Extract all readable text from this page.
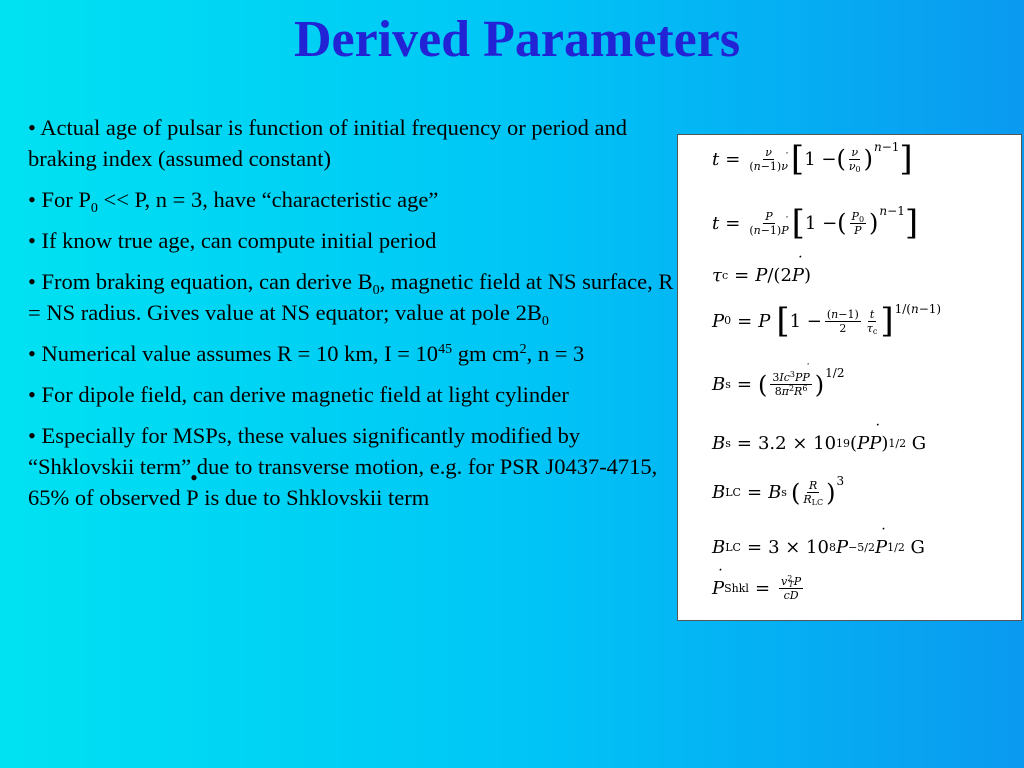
Derived Parameters
• Actual age of pulsar is function of initial frequency or period and braking index (assumed constant)
• For $P_0 << P$, n = 3, have “characteristic age”
• If know true age, can compute initial period
• From braking equation, can derive $B_0$, magnetic field at NS surface, R = NS radius. Gives value at NS equator; value at pole $2B_0$
• Numerical value assumes R = 10 km, $I = 10^{45}$ gm $cm^2$, n = 3
• For dipole field, can derive magnetic field at light cylinder
• Especially for MSPs, these values significantly modified by “Shklovskii term” due to transverse motion, e.g. for PSR J0437-4715, 65% of observed • P is due to Shklovskii term
$t = \frac{\nu}{(n-1)\nu}$ ˙ [ 1 − ( $\frac{\nu}{\nu_0}$ ) n−1 ]
$t = \frac{P}{(n-1)P}$ ˙ [ 1 − ( $\frac{P_0}{P}$ ) n−1 ]
τ c = P /(2 P ˙ )
P 0 = P [ $1 - \frac{(n-1)}{2} \frac{t}{\tau_c}$ ] 1/(n−1)
B s = ( $\frac{3Ic^3PP ˙}{8\pi^2R^6}$ ) 1/2
B s = 3.2 × 10 19 ( P P ˙ ) 1/2 G
B LC = B s ( $\frac{R}{R_{LC}}$ ) 3
B LC = 3 × 10 8 P −5/2 P ˙ 1/2 G
P ˙ Shkl = $\frac{v^2_TP}{cD}$
